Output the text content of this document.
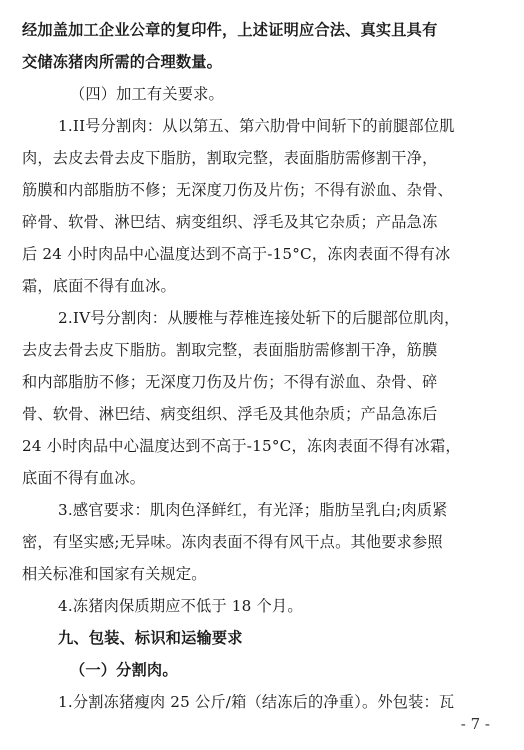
经加盖加工企业公章的复印件，上述证明应合法、真实且具有
交储冻猪肉所需的合理数量。
（四）加工有关要求。
1.II号分割肉：从以第五、第六肋骨中间斩下的前腿部位肌
肉，去皮去骨去皮下脂肪，割取完整，表面脂肪需修割干净，
筋膜和内部脂肪不修；无深度刀伤及片伤；不得有淤血、杂骨、
碎骨、软骨、淋巴结、病变组织、浮毛及其它杂质；产品急冻
后 24 小时肉品中心温度达到不高于-15°C，冻肉表面不得有冰
霜，底面不得有血冰。
2.IV号分割肉：从腰椎与荐椎连接处斩下的后腿部位肌肉，
去皮去骨去皮下脂肪。割取完整，表面脂肪需修割干净，筋膜
和内部脂肪不修；无深度刀伤及片伤；不得有淤血、杂骨、碎
骨、软骨、淋巴结、病变组织、浮毛及其他杂质；产品急冻后
24 小时肉品中心温度达到不高于-15°C，冻肉表面不得有冰霜，
底面不得有血冰。
3.感官要求：肌肉色泽鲜红，有光泽；脂肪呈乳白;肉质紧
密，有坚实感;无异味。冻肉表面不得有风干点。其他要求参照
相关标准和国家有关规定。
4.冻猪肉保质期应不低于 18 个月。
九、包装、标识和运输要求
（一）分割肉。
1.分割冻猪瘦肉 25 公斤/箱（结冻后的净重）。外包装：瓦
- 7 -
